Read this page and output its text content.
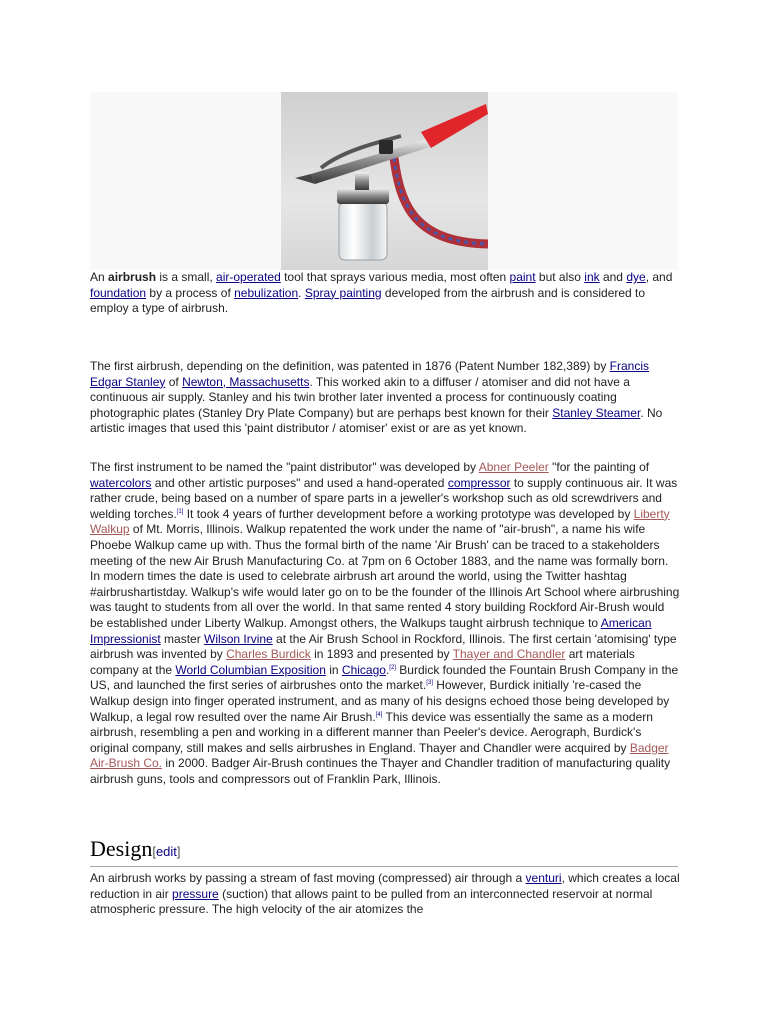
An airbrush is a small, air-operated tool that sprays various media, most often paint but also ink and dye, and foundation by a process of nebulization. Spray painting developed from the airbrush and is considered to employ a type of airbrush.

The first airbrush, depending on the definition, was patented in 1876 (Patent Number 182,389) by Francis Edgar Stanley of Newton, Massachusetts. This worked akin to a diffuser / atomiser and did not have a continuous air supply. Stanley and his twin brother later invented a process for continuously coating photographic plates (Stanley Dry Plate Company) but are perhaps best known for their Stanley Steamer. No artistic images that used this 'paint distributor / atomiser' exist or are as yet known.

The first instrument to be named the "paint distributor" was developed by Abner Peeler "for the painting of watercolors and other artistic purposes" and used a hand-operated compressor to supply continuous air. It was rather crude, being based on a number of spare parts in a jeweller's workshop such as old screwdrivers and welding torches.[1] It took 4 years of further development before a working prototype was developed by Liberty Walkup of Mt. Morris, Illinois. Walkup repatented the work under the name of "air-brush", a name his wife Phoebe Walkup came up with. Thus the formal birth of the name 'Air Brush' can be traced to a stakeholders meeting of the new Air Brush Manufacturing Co. at 7pm on 6 October 1883, and the name was formally born. In modern times the date is used to celebrate airbrush art around the world, using the Twitter hashtag #airbrushartistday. Walkup's wife would later go on to be the founder of the Illinois Art School where airbrushing was taught to students from all over the world. In that same rented 4 story building Rockford Air-Brush would be established under Liberty Walkup. Amongst others, the Walkups taught airbrush technique to American Impressionist master Wilson Irvine at the Air Brush School in Rockford, Illinois. The first certain 'atomising' type airbrush was invented by Charles Burdick in 1893 and presented by Thayer and Chandler art materials company at the World Columbian Exposition in Chicago.[2] Burdick founded the Fountain Brush Company in the US, and launched the first series of airbrushes onto the market.[3] However, Burdick initially 're-cased the Walkup design into finger operated instrument, and as many of his designs echoed those being developed by Walkup, a legal row resulted over the name Air Brush.[4] This device was essentially the same as a modern airbrush, resembling a pen and working in a different manner than Peeler's device. Aerograph, Burdick's original company, still makes and sells airbrushes in England. Thayer and Chandler were acquired by Badger Air-Brush Co. in 2000. Badger Air-Brush continues the Thayer and Chandler tradition of manufacturing quality airbrush guns, tools and compressors out of Franklin Park, Illinois.

Design[edit]

An airbrush works by passing a stream of fast moving (compressed) air through a venturi, which creates a local reduction in air pressure (suction) that allows paint to be pulled from an interconnected reservoir at normal atmospheric pressure. The high velocity of the air atomizes the
